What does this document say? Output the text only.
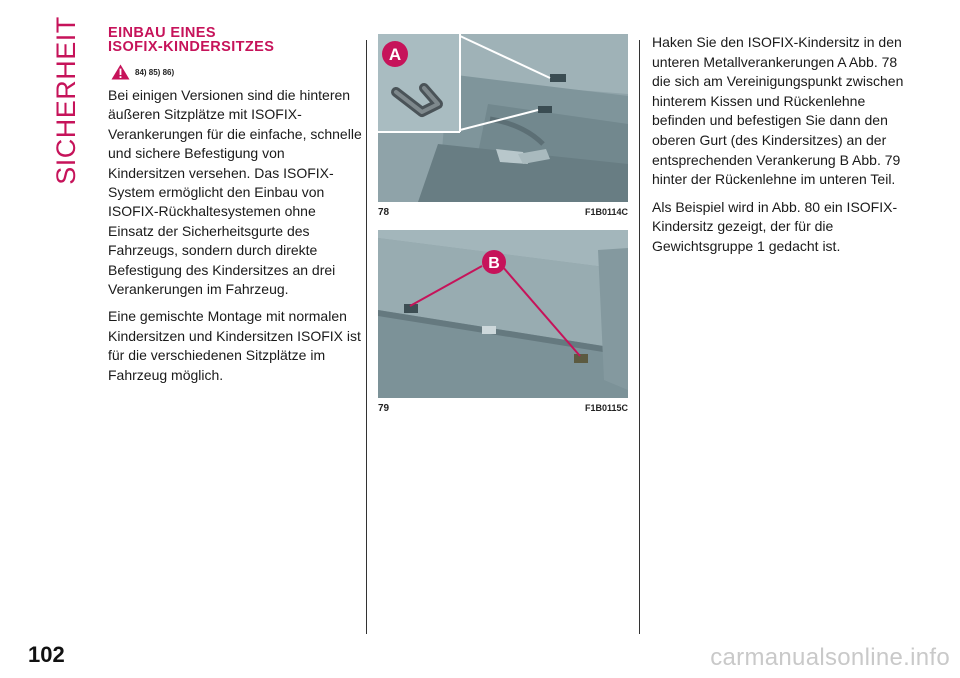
SICHERHEIT EINBAU EINES
ISOFIX-KINDERSITZES
84) 85) 86)

Bei einigen Versionen sind die hinteren äußeren Sitzplätze mit ISOFIX-Verankerungen für die einfache, schnelle und sichere Befestigung von Kindersitzen versehen. Das ISOFIX-System ermöglicht den Einbau von ISOFIX-Rückhaltesystemen ohne Einsatz der Sicherheitsgurte des Fahrzeugs, sondern durch direkte Befestigung des Kindersitzes an drei Verankerungen im Fahrzeug.

Eine gemischte Montage mit normalen Kindersitzen und Kindersitzen ISOFIX ist für die verschiedenen Sitzplätze im Fahrzeug möglich.

A
78	F1B0114C
B
79	F1B0115C

Haken Sie den ISOFIX-Kindersitz in den unteren Metallverankerungen A Abb. 78 die sich am Vereinigungspunkt zwischen hinterem Kissen und Rückenlehne befinden und befestigen Sie dann den oberen Gurt (des Kindersitzes) an der entsprechenden Verankerung B Abb. 79 hinter der Rückenlehne im unteren Teil.

Als Beispiel wird in Abb. 80 ein ISOFIX-Kindersitz gezeigt, der für die Gewichtsgruppe 1 gedacht ist.

102	carmanualsonline.info
